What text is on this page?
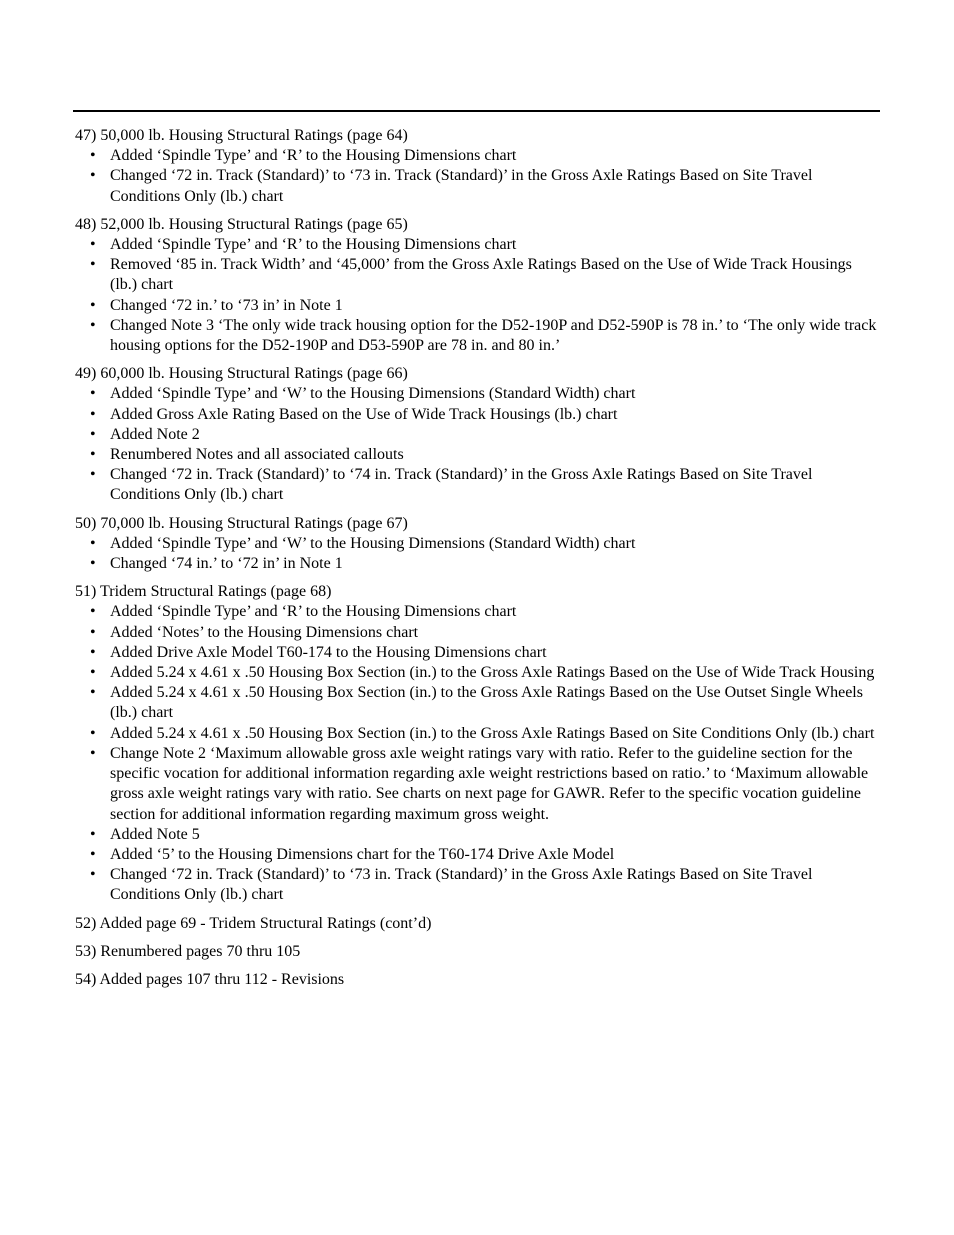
47) 50,000 lb. Housing Structural Ratings (page 64)
• Added ‘Spindle Type’ and ‘R’ to the Housing Dimensions chart
• Changed ‘72 in. Track (Standard)’ to ‘73 in. Track (Standard)’ in the Gross Axle Ratings Based on Site Travel Conditions Only (lb.) chart
48) 52,000 lb. Housing Structural Ratings (page 65)
• Added ‘Spindle Type’ and ‘R’ to the Housing Dimensions chart
• Removed ‘85 in. Track Width’ and ‘45,000’ from the Gross Axle Ratings Based on the Use of Wide Track Housings (lb.) chart
• Changed ‘72 in.’ to ‘73 in’ in Note 1
• Changed Note 3 ‘The only wide track housing option for the D52-190P and D52-590P is 78 in.’ to ‘The only wide track housing options for the D52-190P and D53-590P are 78 in. and 80 in.’
49) 60,000 lb. Housing Structural Ratings (page 66)
• Added ‘Spindle Type’ and ‘W’ to the Housing Dimensions (Standard Width) chart
• Added Gross Axle Rating Based on the Use of Wide Track Housings (lb.) chart
• Added Note 2
• Renumbered Notes and all associated callouts
• Changed ‘72 in. Track (Standard)’ to ‘74 in. Track (Standard)’ in the Gross Axle Ratings Based on Site Travel Conditions Only (lb.) chart
50) 70,000 lb. Housing Structural Ratings (page 67)
• Added ‘Spindle Type’ and ‘W’ to the Housing Dimensions (Standard Width) chart
• Changed ‘74 in.’ to ‘72 in’ in Note 1
51) Tridem Structural Ratings (page 68)
• Added ‘Spindle Type’ and ‘R’ to the Housing Dimensions chart
• Added ‘Notes’ to the Housing Dimensions chart
• Added Drive Axle Model T60-174 to the Housing Dimensions chart
• Added 5.24 x 4.61 x .50 Housing Box Section (in.) to the Gross Axle Ratings Based on the Use of Wide Track Housing
• Added 5.24 x 4.61 x .50 Housing Box Section (in.) to the Gross Axle Ratings Based on the Use Outset Single Wheels (lb.) chart
• Added 5.24 x 4.61 x .50 Housing Box Section (in.) to the Gross Axle Ratings Based on Site Conditions Only (lb.) chart
• Change Note 2 ‘Maximum allowable gross axle weight ratings vary with ratio. Refer to the guideline section for the specific vocation for additional information regarding axle weight restrictions based on ratio.’ to ‘Maximum allowable gross axle weight ratings vary with ratio. See charts on next page for GAWR. Refer to the specific vocation guideline section for additional information regarding maximum gross weight.
• Added Note 5
• Added ‘5’ to the Housing Dimensions chart for the T60-174 Drive Axle Model
• Changed ‘72 in. Track (Standard)’ to ‘73 in. Track (Standard)’ in the Gross Axle Ratings Based on Site Travel Conditions Only (lb.) chart
52) Added page 69 - Tridem Structural Ratings (cont’d)
53) Renumbered pages 70 thru 105
54) Added pages 107 thru 112 - Revisions
